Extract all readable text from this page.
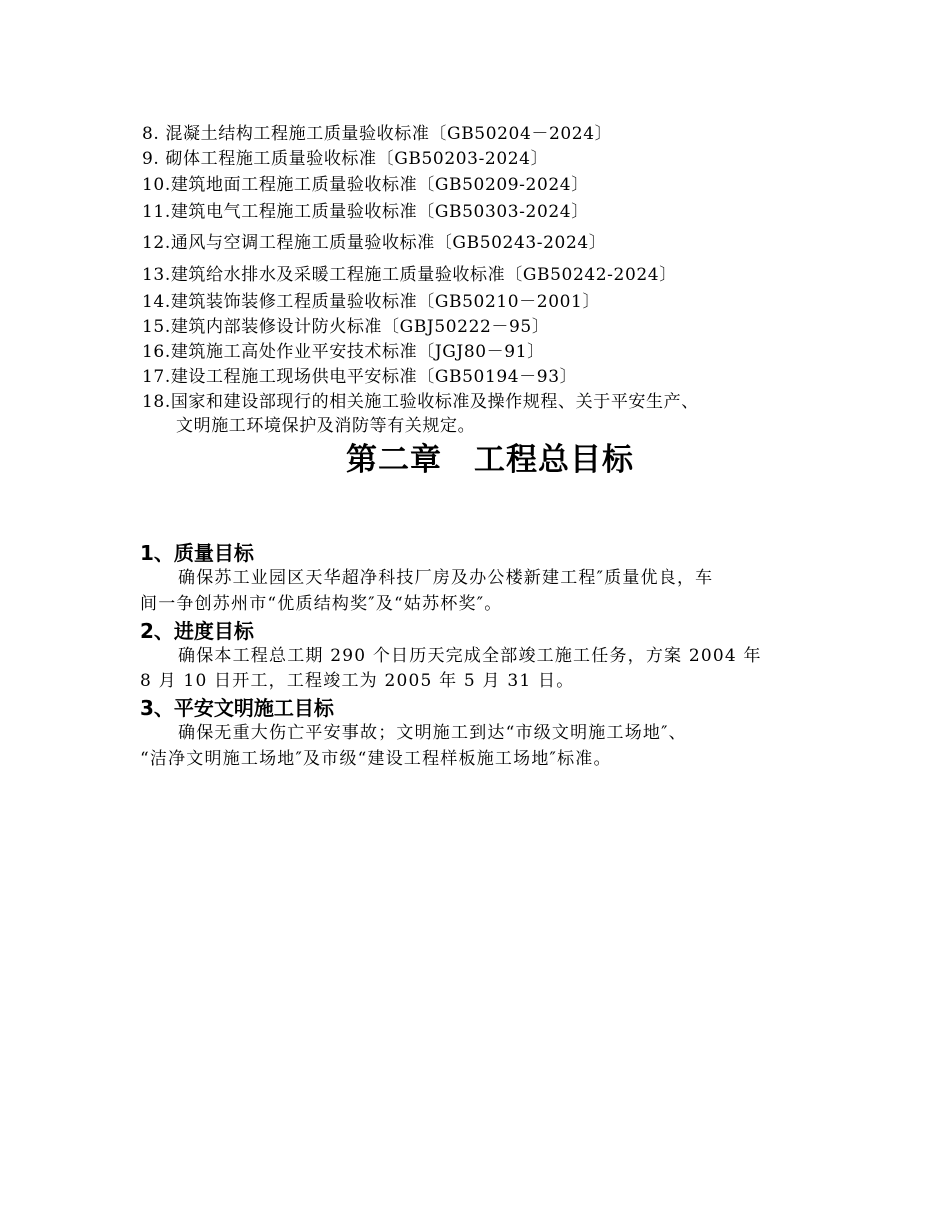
8. 混凝土结构工程施工质量验收标准〔GB50204－2024〕
9. 砌体工程施工质量验收标准〔GB50203-2024〕
10.建筑地面工程施工质量验收标准〔GB50209-2024〕
11.建筑电气工程施工质量验收标准〔GB50303-2024〕
12.通风与空调工程施工质量验收标准〔GB50243-2024〕
13.建筑给水排水及采暖工程施工质量验收标准〔GB50242-2024〕
14.建筑装饰装修工程质量验收标准〔GB50210－2001〕
15.建筑内部装修设计防火标准〔GBJ50222－95〕
16.建筑施工高处作业平安技术标准〔JGJ80－91〕
17.建设工程施工现场供电平安标准〔GB50194－93〕
18.国家和建设部现行的相关施工验收标准及操作规程、关于平安生产、
文明施工环境保护及消防等有关规定。
第二章　工程总目标
1、质量目标
确保苏工业园区天华超净科技厂房及办公楼新建工程″质量优良，车
间一争创苏州市“优质结构奖″及“姑苏杯奖″。
2、进度目标
确保本工程总工期 290 个日历天完成全部竣工施工任务，方案 2004 年
8 月 10 日开工，工程竣工为 2005 年 5 月 31 日。
3、平安文明施工目标
确保无重大伤亡平安事故；文明施工到达“市级文明施工场地″、
“洁净文明施工场地″及市级“建设工程样板施工场地″标准。
